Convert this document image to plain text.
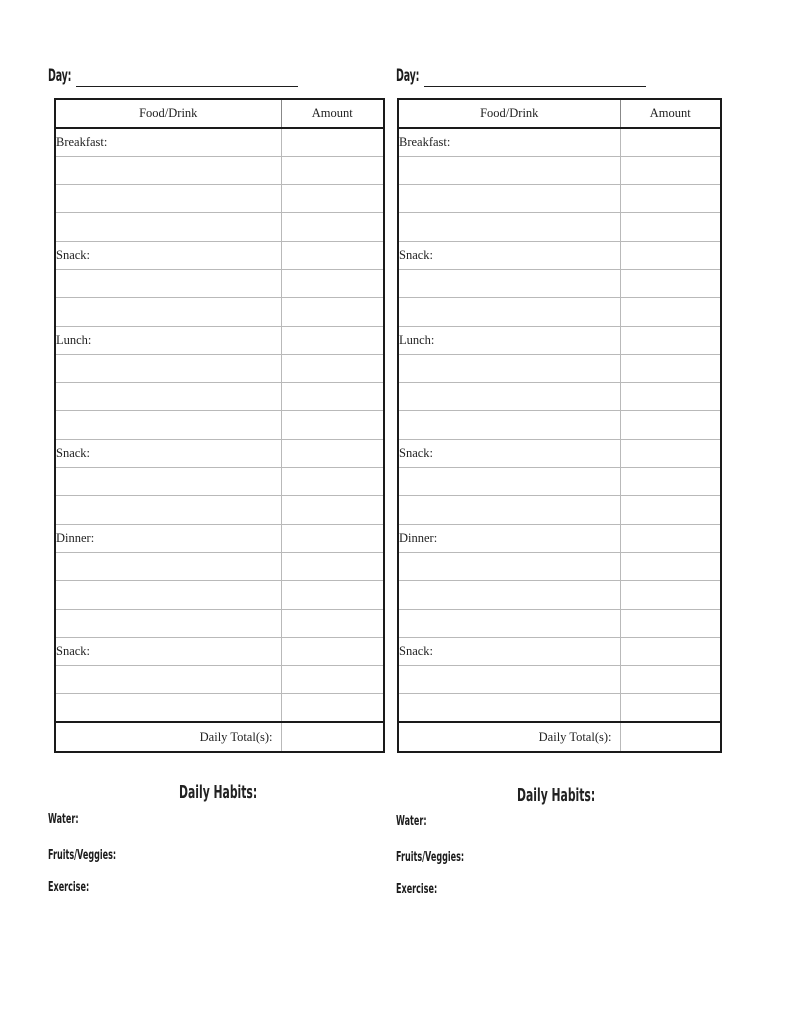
Day:
Food/Drink	Amount
Breakfast:	

Snack:	

Lunch:	

Snack:	

Dinner:	

Snack:	

Daily Total(s):	
Daily Habits:
Water:
Fruits/Veggies:
Exercise:
Day:
Food/Drink	Amount
Breakfast:	

Snack:	

Lunch:	

Snack:	

Dinner:	

Snack:	

Daily Total(s):	
Daily Habits:
Water:
Fruits/Veggies:
Exercise:
